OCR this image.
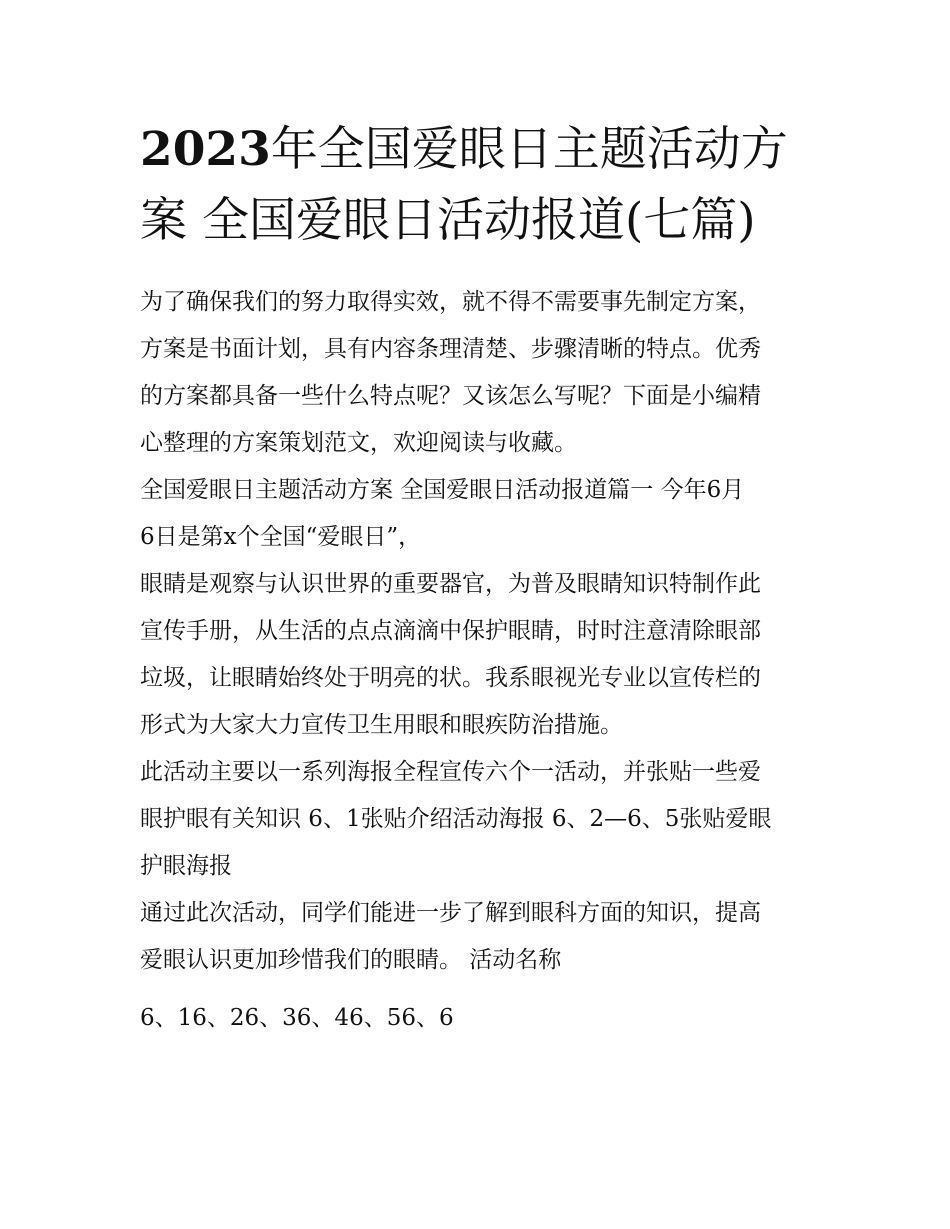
2023年全国爱眼日主题活动方
案 全国爱眼日活动报道(七篇)

为了确保我们的努力取得实效，就不得不需要事先制定方案，
方案是书面计划，具有内容条理清楚、步骤清晰的特点。优秀
的方案都具备一些什么特点呢？又该怎么写呢？下面是小编精
心整理的方案策划范文，欢迎阅读与收藏。

全国爱眼日主题活动方案 全国爱眼日活动报道篇一 今年6月
6日是第x个全国“爱眼日”，

眼睛是观察与认识世界的重要器官，为普及眼睛知识特制作此
宣传手册，从生活的点点滴滴中保护眼睛，时时注意清除眼部
垃圾，让眼睛始终处于明亮的状。我系眼视光专业以宣传栏的
形式为大家大力宣传卫生用眼和眼疾防治措施。

此活动主要以一系列海报全程宣传六个一活动，并张贴一些爱
眼护眼有关知识 6、1张贴介绍活动海报 6、2—6、5张贴爱眼
护眼海报

通过此次活动，同学们能进一步了解到眼科方面的知识，提高
爱眼认识更加珍惜我们的眼睛。 活动名称

6、16、26、36、46、56、6
